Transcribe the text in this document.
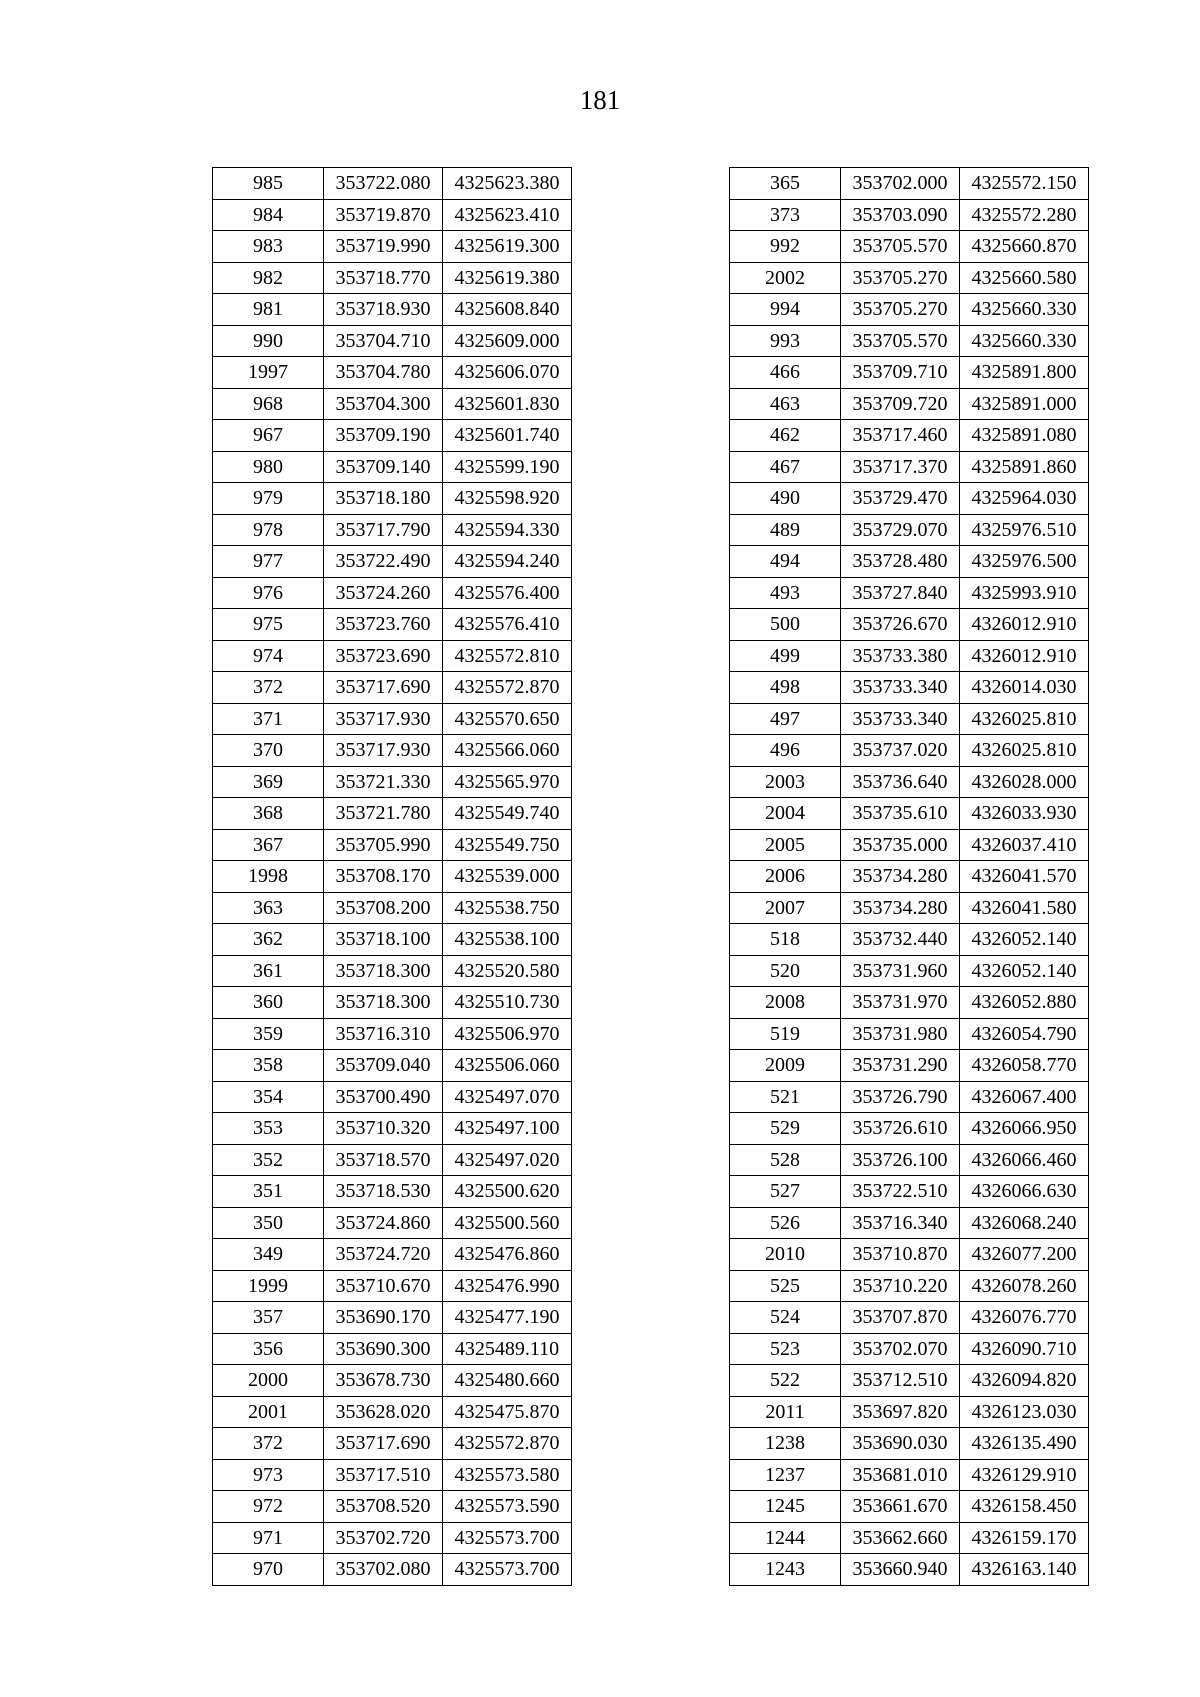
181
985	353722.080	4325623.380
984	353719.870	4325623.410
983	353719.990	4325619.300
982	353718.770	4325619.380
981	353718.930	4325608.840
990	353704.710	4325609.000
1997	353704.780	4325606.070
968	353704.300	4325601.830
967	353709.190	4325601.740
980	353709.140	4325599.190
979	353718.180	4325598.920
978	353717.790	4325594.330
977	353722.490	4325594.240
976	353724.260	4325576.400
975	353723.760	4325576.410
974	353723.690	4325572.810
372	353717.690	4325572.870
371	353717.930	4325570.650
370	353717.930	4325566.060
369	353721.330	4325565.970
368	353721.780	4325549.740
367	353705.990	4325549.750
1998	353708.170	4325539.000
363	353708.200	4325538.750
362	353718.100	4325538.100
361	353718.300	4325520.580
360	353718.300	4325510.730
359	353716.310	4325506.970
358	353709.040	4325506.060
354	353700.490	4325497.070
353	353710.320	4325497.100
352	353718.570	4325497.020
351	353718.530	4325500.620
350	353724.860	4325500.560
349	353724.720	4325476.860
1999	353710.670	4325476.990
357	353690.170	4325477.190
356	353690.300	4325489.110
2000	353678.730	4325480.660
2001	353628.020	4325475.870
372	353717.690	4325572.870
973	353717.510	4325573.580
972	353708.520	4325573.590
971	353702.720	4325573.700
970	353702.080	4325573.700
365	353702.000	4325572.150
373	353703.090	4325572.280
992	353705.570	4325660.870
2002	353705.270	4325660.580
994	353705.270	4325660.330
993	353705.570	4325660.330
466	353709.710	4325891.800
463	353709.720	4325891.000
462	353717.460	4325891.080
467	353717.370	4325891.860
490	353729.470	4325964.030
489	353729.070	4325976.510
494	353728.480	4325976.500
493	353727.840	4325993.910
500	353726.670	4326012.910
499	353733.380	4326012.910
498	353733.340	4326014.030
497	353733.340	4326025.810
496	353737.020	4326025.810
2003	353736.640	4326028.000
2004	353735.610	4326033.930
2005	353735.000	4326037.410
2006	353734.280	4326041.570
2007	353734.280	4326041.580
518	353732.440	4326052.140
520	353731.960	4326052.140
2008	353731.970	4326052.880
519	353731.980	4326054.790
2009	353731.290	4326058.770
521	353726.790	4326067.400
529	353726.610	4326066.950
528	353726.100	4326066.460
527	353722.510	4326066.630
526	353716.340	4326068.240
2010	353710.870	4326077.200
525	353710.220	4326078.260
524	353707.870	4326076.770
523	353702.070	4326090.710
522	353712.510	4326094.820
2011	353697.820	4326123.030
1238	353690.030	4326135.490
1237	353681.010	4326129.910
1245	353661.670	4326158.450
1244	353662.660	4326159.170
1243	353660.940	4326163.140
